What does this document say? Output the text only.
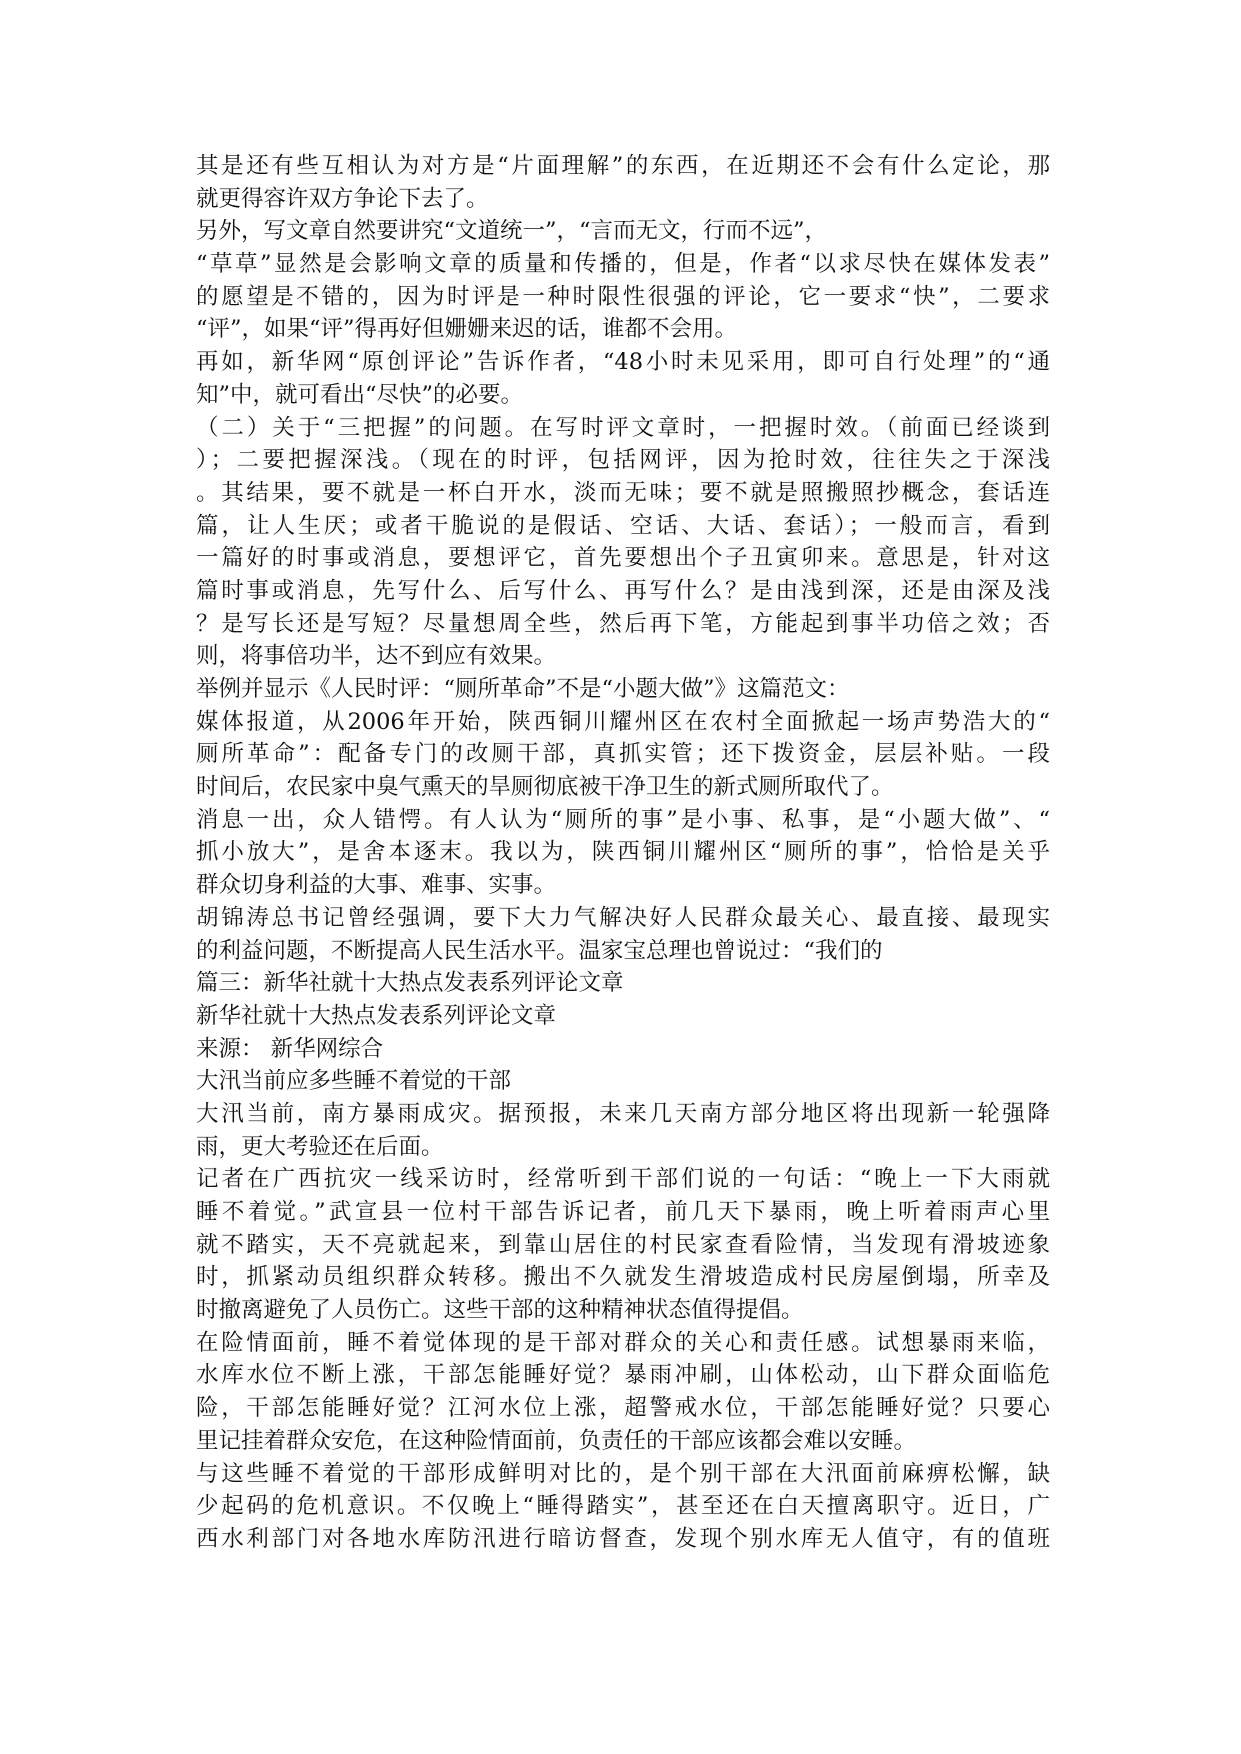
其是还有些互相认为对方是“片面理解”的东西，在近期还不会有什么定论，那
就更得容许双方争论下去了。
另外，写文章自然要讲究“文道统一”，“言而无文，行而不远”，
“草草”显然是会影响文章的质量和传播的，但是，作者“以求尽快在媒体发表”
的愿望是不错的，因为时评是一种时限性很强的评论，它一要求“快”，二要求
“评”，如果“评”得再好但姗姗来迟的话，谁都不会用。
再如，新华网“原创评论”告诉作者，“48小时未见采用，即可自行处理”的“通
知”中，就可看出“尽快”的必要。
（二）关于“三把握”的问题。在写时评文章时，一把握时效。（前面已经谈到
）；二要把握深浅。（现在的时评，包括网评，因为抢时效，往往失之于深浅
。其结果，要不就是一杯白开水，淡而无味；要不就是照搬照抄概念，套话连
篇，让人生厌；或者干脆说的是假话、空话、大话、套话）；一般而言，看到
一篇好的时事或消息，要想评它，首先要想出个子丑寅卯来。意思是，针对这
篇时事或消息，先写什么、后写什么、再写什么？是由浅到深，还是由深及浅
？是写长还是写短？尽量想周全些，然后再下笔，方能起到事半功倍之效；否
则，将事倍功半，达不到应有效果。
举例并显示《人民时评：“厕所革命”不是“小题大做”》这篇范文：
媒体报道，从2006年开始，陕西铜川耀州区在农村全面掀起一场声势浩大的“
厕所革命”：配备专门的改厕干部，真抓实管；还下拨资金，层层补贴。一段
时间后，农民家中臭气熏天的旱厕彻底被干净卫生的新式厕所取代了。
消息一出，众人错愕。有人认为“厕所的事”是小事、私事，是“小题大做”、“
抓小放大”，是舍本逐末。我以为，陕西铜川耀州区“厕所的事”，恰恰是关乎
群众切身利益的大事、难事、实事。
胡锦涛总书记曾经强调，要下大力气解决好人民群众最关心、最直接、最现实
的利益问题，不断提高人民生活水平。温家宝总理也曾说过：“我们的
篇三：新华社就十大热点发表系列评论文章
新华社就十大热点发表系列评论文章
来源： 新华网综合
大汛当前应多些睡不着觉的干部
大汛当前，南方暴雨成灾。据预报，未来几天南方部分地区将出现新一轮强降
雨，更大考验还在后面。
记者在广西抗灾一线采访时，经常听到干部们说的一句话：“晚上一下大雨就
睡不着觉。”武宣县一位村干部告诉记者，前几天下暴雨，晚上听着雨声心里
就不踏实，天不亮就起来，到靠山居住的村民家查看险情，当发现有滑坡迹象
时，抓紧动员组织群众转移。搬出不久就发生滑坡造成村民房屋倒塌，所幸及
时撤离避免了人员伤亡。这些干部的这种精神状态值得提倡。
在险情面前，睡不着觉体现的是干部对群众的关心和责任感。试想暴雨来临，
水库水位不断上涨，干部怎能睡好觉？暴雨冲刷，山体松动，山下群众面临危
险，干部怎能睡好觉？江河水位上涨，超警戒水位，干部怎能睡好觉？只要心
里记挂着群众安危，在这种险情面前，负责任的干部应该都会难以安睡。
与这些睡不着觉的干部形成鲜明对比的，是个别干部在大汛面前麻痹松懈，缺
少起码的危机意识。不仅晚上“睡得踏实”，甚至还在白天擅离职守。近日，广
西水利部门对各地水库防汛进行暗访督查，发现个别水库无人值守，有的值班
